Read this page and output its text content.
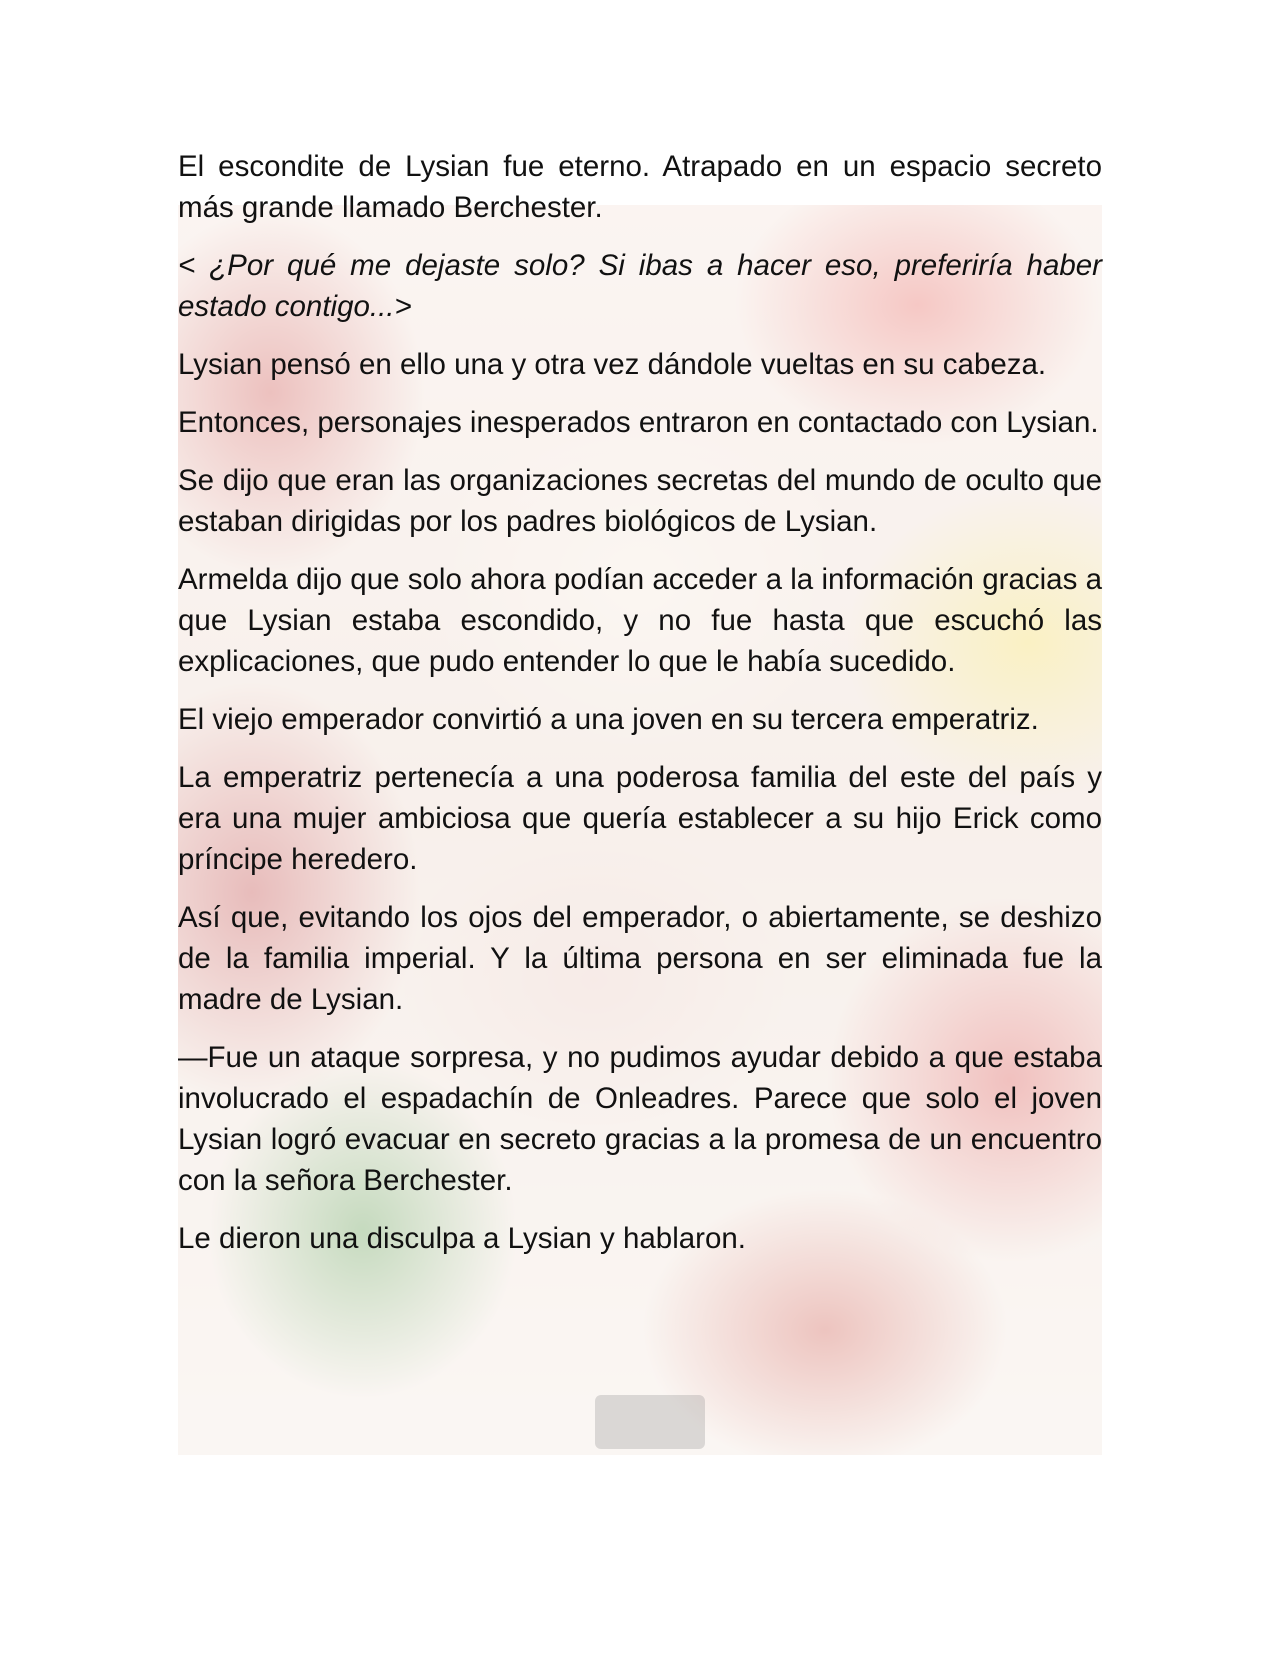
El escondite de Lysian fue eterno. Atrapado en un espacio secreto más grande llamado Berchester.

< ¿Por qué me dejaste solo? Si ibas a hacer eso, preferiría haber estado contigo...>

Lysian pensó en ello una y otra vez dándole vueltas en su cabeza.

Entonces, personajes inesperados entraron en contactado con Lysian.

Se dijo que eran las organizaciones secretas del mundo de oculto que estaban dirigidas por los padres biológicos de Lysian.

Armelda dijo que solo ahora podían acceder a la información gracias a que Lysian estaba escondido, y no fue hasta que escuchó las explicaciones, que pudo entender lo que le había sucedido.

El viejo emperador convirtió a una joven en su tercera emperatriz.

La emperatriz pertenecía a una poderosa familia del este del país y era una mujer ambiciosa que quería establecer a su hijo Erick como príncipe heredero.

Así que, evitando los ojos del emperador, o abiertamente, se deshizo de la familia imperial. Y la última persona en ser eliminada fue la madre de Lysian.

—Fue un ataque sorpresa, y no pudimos ayudar debido a que estaba involucrado el espadachín de Onleadres. Parece que solo el joven Lysian logró evacuar en secreto gracias a la promesa de un encuentro con la señora Berchester.

Le dieron una disculpa a Lysian y hablaron.
